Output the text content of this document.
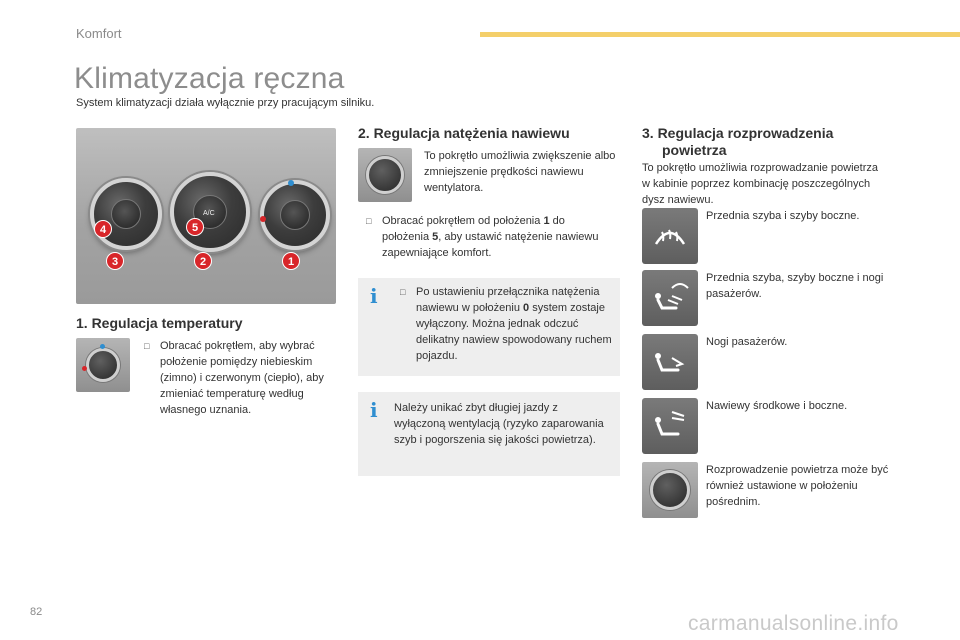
Komfort
Klimatyzacja ręczna
System klimatyzacji działa wyłącznie przy pracującym silniku.
A/C
4	5
3	2	1
1. Regulacja temperatury
□ Obracać pokrętłem, aby wybrać położenie pomiędzy niebieskim (zimno) i czerwonym (ciepło), aby zmieniać temperaturę według własnego uznania.
2. Regulacja natężenia nawiewu
To pokrętło umożliwia zwiększenie albo zmniejszenie prędkości nawiewu wentylatora.
□ Obracać pokrętłem od położenia 1 do położenia 5, aby ustawić natężenie nawiewu zapewniające komfort.
i □ Po ustawieniu przełącznika natężenia nawiewu w położeniu 0 system zostaje wyłączony. Można jednak odczuć delikatny nawiew spowodowany ruchem pojazdu.
i Należy unikać zbyt długiej jazdy z wyłączoną wentylacją (ryzyko zaparowania szyb i pogorszenia się jakości powietrza).
3. Regulacja rozprowadzenia
powietrza
To pokrętło umożliwia rozprowadzanie powietrza w kabinie poprzez kombinację poszczególnych dysz nawiewu.
Przednia szyba i szyby boczne.
Przednia szyba, szyby boczne i nogi pasażerów.
Nogi pasażerów.
Nawiewy środkowe i boczne.
Rozprowadzenie powietrza może być również ustawione w położeniu pośrednim.
82	carmanualsonline.info
